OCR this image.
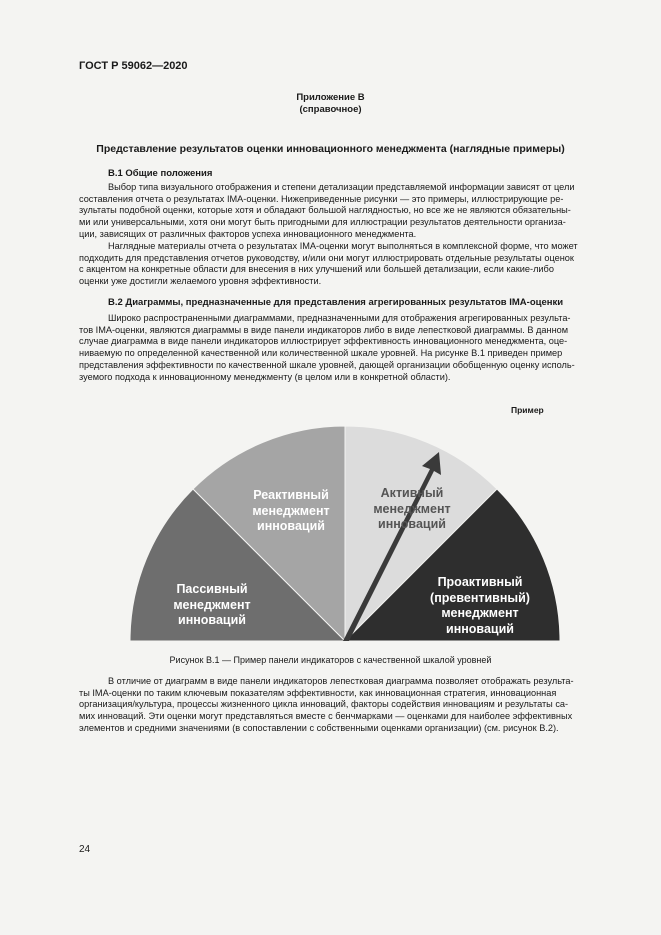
ГОСТ Р 59062—2020
Приложение В
(справочное)
Представление результатов оценки инновационного менеджмента (наглядные примеры)
В.1 Общие положения
Выбор типа визуального отображения и степени детализации представляемой информации зависят от цели
составления отчета о результатах IMA-оценки. Нижеприведенные рисунки — это примеры, иллюстрирующие ре-
зультаты подобной оценки, которые хотя и обладают большой наглядностью, но все же не являются обязательны-
ми или универсальными, хотя они могут быть пригодными для иллюстрации результатов деятельности организа-
ции, зависящих от различных факторов успеха инновационного менеджмента.
Наглядные материалы отчета о результатах IMA-оценки могут выполняться в комплексной форме, что может
подходить для представления отчетов руководству, и/или они могут иллюстрировать отдельные результаты оценок
с акцентом на конкретные области для внесения в них улучшений или большей детализации, если какие-либо
оценки уже достигли желаемого уровня эффективности.
В.2 Диаграммы, предназначенные для представления агрегированных результатов IMA-оценки
Широко распространенными диаграммами, предназначенными для отображения агрегированных результа-
тов IMA-оценки, являются диаграммы в виде панели индикаторов либо в виде лепестковой диаграммы. В данном
случае диаграмма в виде панели индикаторов иллюстрирует эффективность инновационного менеджмента, оце-
ниваемую по определенной качественной или количественной шкале уровней. На рисунке В.1 приведен пример
представления эффективности по качественной шкале уровней, дающей организации обобщенную оценку исполь-
зуемого подхода к инновационному менеджменту (в целом или в конкретной области).
Пример
Пассивный
менеджмент
инноваций
Реактивный
менеджмент
инноваций
Активный
менеджмент
инноваций
Проактивный
(превентивный)
менеджмент
инноваций
Рисунок В.1 — Пример панели индикаторов с качественной шкалой уровней
В отличие от диаграмм в виде панели индикаторов лепестковая диаграмма позволяет отображать результа-
ты IMA-оценки по таким ключевым показателям эффективности, как инновационная стратегия, инновационная
организация/культура, процессы жизненного цикла инноваций, факторы содействия инновациям и результаты са-
мих инноваций. Эти оценки могут представляться вместе с бенчмарками — оценками для наиболее эффективных
элементов и средними значениями (в сопоставлении с собственными оценками организации) (см. рисунок В.2).
24
